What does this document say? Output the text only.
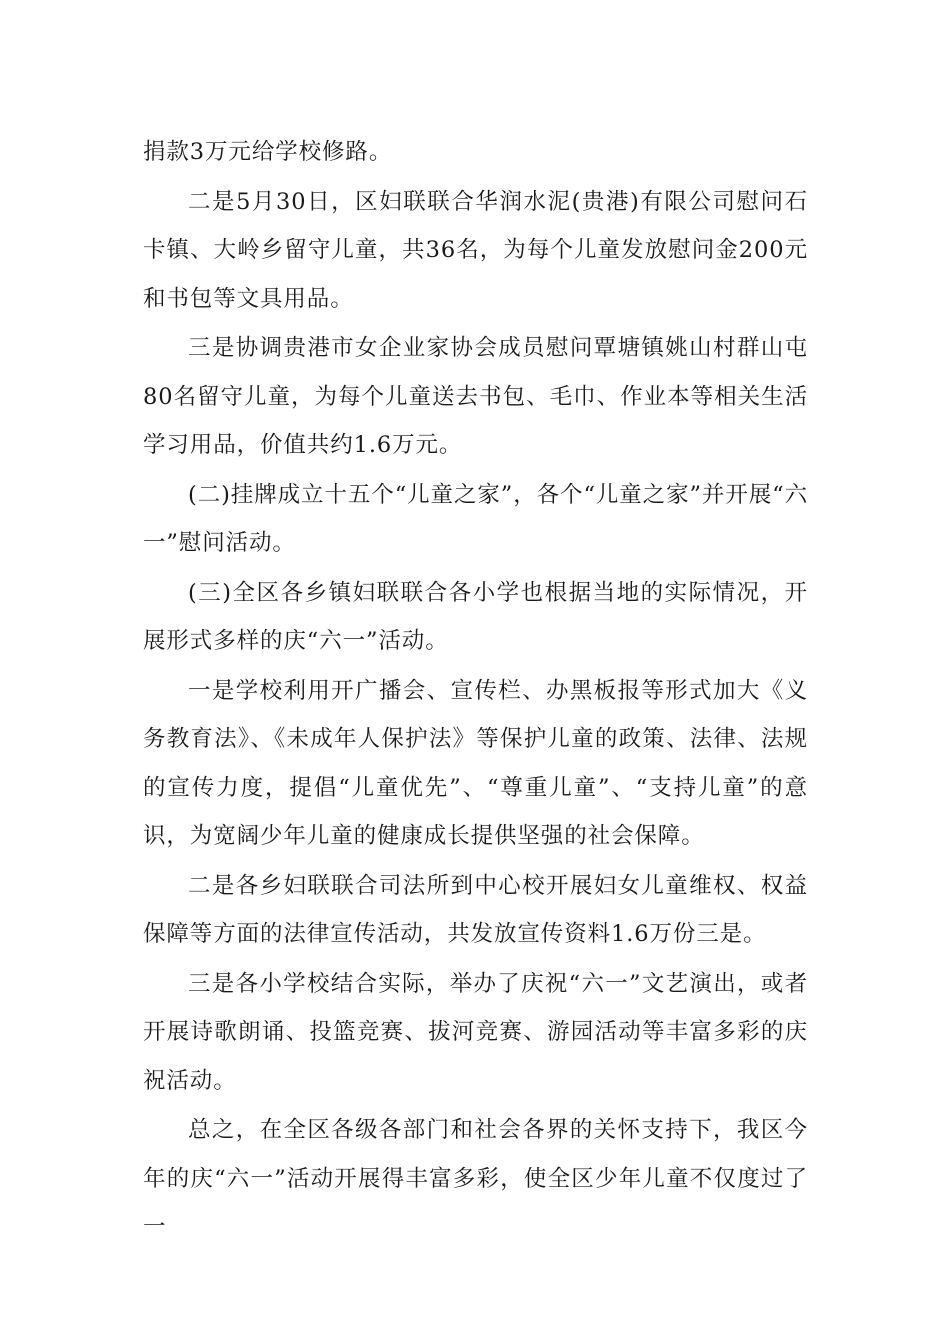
捐款3万元给学校修路。

二是5月30日，区妇联联合华润水泥(贵港)有限公司慰问石卡镇、大岭乡留守儿童，共36名，为每个儿童发放慰问金200元和书包等文具用品。

三是协调贵港市女企业家协会成员慰问覃塘镇姚山村群山屯80名留守儿童，为每个儿童送去书包、毛巾、作业本等相关生活学习用品，价值共约1.6万元。

(二)挂牌成立十五个“儿童之家”，各个“儿童之家”并开展“六一”慰问活动。

(三)全区各乡镇妇联联合各小学也根据当地的实际情况，开展形式多样的庆“六一”活动。

一是学校利用开广播会、宣传栏、办黑板报等形式加大《义务教育法》、《未成年人保护法》等保护儿童的政策、法律、法规的宣传力度，提倡“儿童优先”、“尊重儿童”、“支持儿童”的意识，为宽阔少年儿童的健康成长提供坚强的社会保障。

二是各乡妇联联合司法所到中心校开展妇女儿童维权、权益保障等方面的法律宣传活动，共发放宣传资料1.6万份三是。

三是各小学校结合实际，举办了庆祝“六一”文艺演出，或者开展诗歌朗诵、投篮竞赛、拔河竞赛、游园活动等丰富多彩的庆祝活动。

总之，在全区各级各部门和社会各界的关怀支持下，我区今年的庆“六一”活动开展得丰富多彩，使全区少年儿童不仅度过了一
